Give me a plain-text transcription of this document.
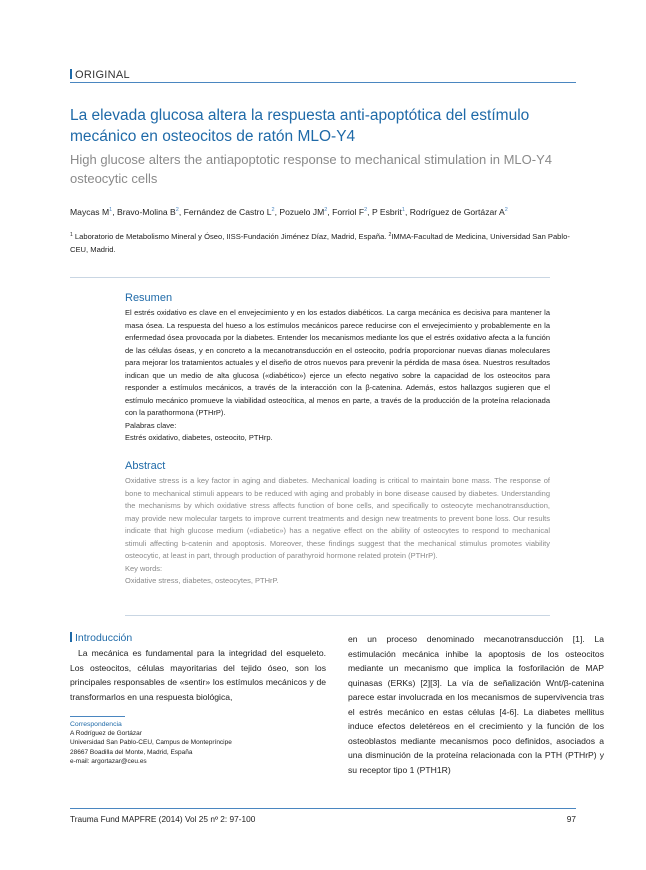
ORIGINAL
La elevada glucosa altera la respuesta anti-apoptótica del estímulo mecánico en osteocitos de ratón MLO-Y4
High glucose alters the antiapoptotic response to mechanical stimulation in MLO-Y4 osteocytic cells
Maycas $M^1$, Bravo-Molina $B^2$, Fernández de Castro $L^2$, Pozuelo $JM^2$, Forriol $F^2$, P Esbrit$^1$, Rodríguez de Gortázar $A^2$
$^1$ Laboratorio de Metabolismo Mineral y Óseo, IISS-Fundación Jiménez Díaz, Madrid, España. $^2$IMMA-Facultad de Medicina, Universidad San Pablo-CEU, Madrid.
Resumen

El estrés oxidativo es clave en el envejecimiento y en los estados diabéticos. La carga mecánica es decisiva para mantener la masa ósea. La respuesta del hueso a los estímulos mecánicos parece reducirse con el envejecimiento y probablemente en la enfermedad ósea provocada por la diabetes. Entender los mecanismos mediante los que el estrés oxidativo afecta a la función de las células óseas, y en concreto a la mecanotransducción en el osteocito, podría proporcionar nuevas dianas moleculares para mejorar los tratamientos actuales y el diseño de otros nuevos para prevenir la pérdida de masa ósea. Nuestros resultados indican que un medio de alta glucosa («diabético») ejerce un efecto negativo sobre la capacidad de los osteocitos para responder a estímulos mecánicos, a través de la interacción con la β-catenina. Además, estos hallazgos sugieren que el estímulo mecánico promueve la viabilidad osteocítica, al menos en parte, a través de la producción de la proteína relacionada con la parathormona (PTHrP).

Palabras clave:

Estrés oxidativo, diabetes, osteocito, PTHrp.

Abstract

Oxidative stress is a key factor in aging and diabetes. Mechanical loading is critical to maintain bone mass. The response of bone to mechanical stimuli appears to be reduced with aging and probably in bone disease caused by diabetes. Understanding the mechanisms by which oxidative stress affects function of bone cells, and specifically to osteocyte mechanotransduction, may provide new molecular targets to improve current treatments and design new treatments to prevent bone loss. Our results indicate that high glucose medium («diabetic») has a negative effect on the ability of osteocytes to respond to mechanical stimuli affecting b-catenin and apoptosis. Moreover, these findings suggest that the mechanical stimulus promotes viability osteocytic, at least in part, through production of parathyroid hormone related protein (PTHrP).

Key words:

Oxidative stress, diabetes, osteocytes, PTHrP.

Introducción

La mecánica es fundamental para la integridad del esqueleto. Los osteocitos, células mayoritarias del tejido óseo, son los principales responsables de «sentir» los estímulos mecánicos y de transformarlos en una respuesta biológica,

en un proceso denominado mecanotransducción [1]. La estimulación mecánica inhibe la apoptosis de los osteocitos mediante un mecanismo que implica la fosforilación de MAP quinasas (ERKs) [2][3]. La vía de señalización Wnt/β-catenina parece estar involucrada en los mecanismos de supervivencia tras el estrés mecánico en estas células [4-6]. La diabetes mellitus induce efectos deletéreos en el crecimiento y la función de los osteoblastos mediante mecanismos poco definidos, asociados a una disminución de la proteína relacionada con la PTH (PTHrP) y su receptor tipo 1 (PTH1R)

Correspondencia
A Rodríguez de Gortázar
Universidad San Pablo-CEU, Campus de Montepríncipe
28667 Boadilla del Monte, Madrid, España
e-mail: argortazar@ceu.es
Trauma Fund MAPFRE (2014) Vol 25 nº 2: 97-100	97
